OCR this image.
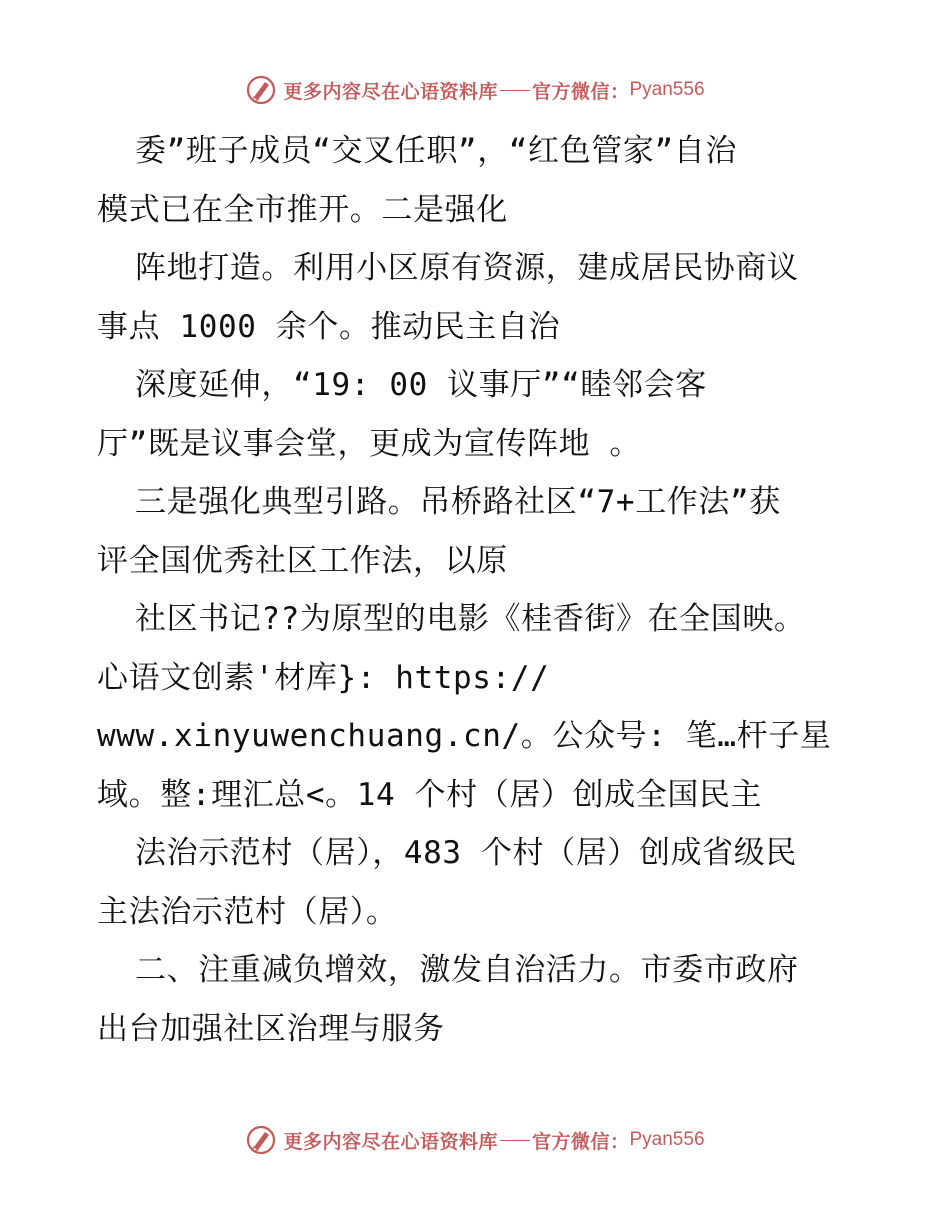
更多内容尽在心语资料库 官方微信： Pyan556
委”班子成员“交叉任职”，“红色管家”自治
模式已在全市推开。二是强化
阵地打造。利用小区原有资源，建成居民协商议
事点 1000 余个。推动民主自治
深度延伸，“19: 00 议事厅”“睦邻会客
厅”既是议事会堂，更成为宣传阵地 。
三是强化典型引路。吊桥路社区“7+工作法”获
评全国优秀社区工作法，以原
社区书记??为原型的电影《桂香街》在全国映。
心语文创素'材库}: https://
www.xinyuwenchuang.cn/。公众号: 笔…杆子星
域。整:理汇总<。14 个村（居）创成全国民主
法治示范村（居），483 个村（居）创成省级民
主法治示范村（居）。
二、注重减负增效，激发自治活力。市委市政府
出台加强社区治理与服务
更多内容尽在心语资料库 官方微信： Pyan556
